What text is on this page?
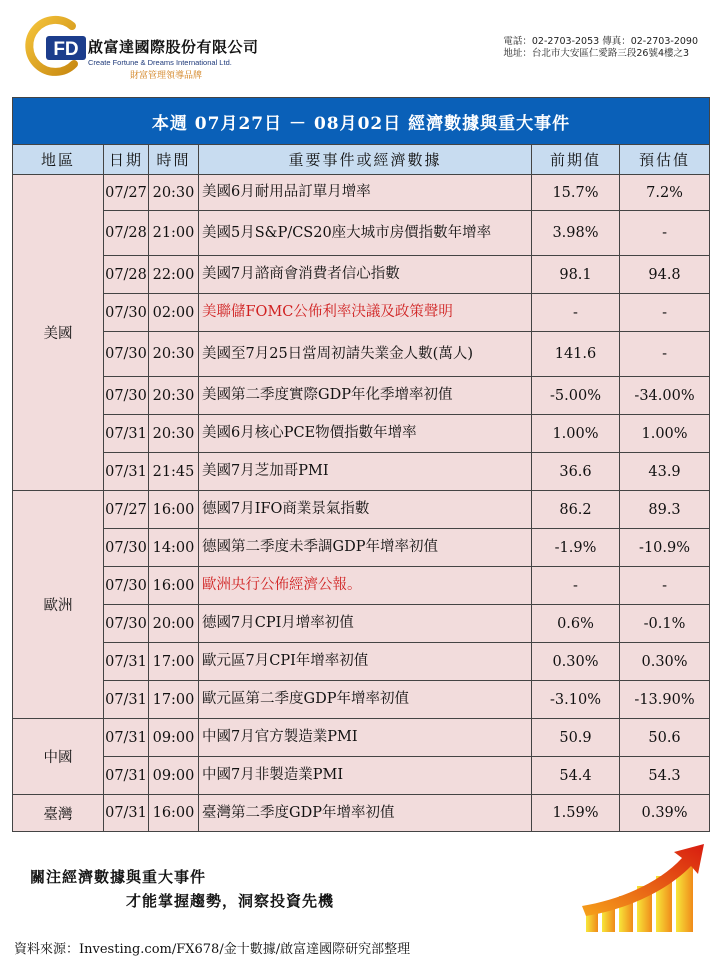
FD 啟富達國際股份有限公司
Create Fortune & Dreams International Ltd.
財富管理領導品牌
電話：02-2703-2053 傳真：02-2703-2090
地址：台北市大安區仁愛路三段26號4樓之3
本週 07月27日 － 08月02日 經濟數據與重大事件					
地區	日期	時間	重要事件或經濟數據	前期值	預估值
美國	07/27	20:30	美國6月耐用品訂單月增率	15.7%	7.2%
	07/28	21:00	美國5月S&P/CS20座大城市房價指數年增率	3.98%	-
	07/28	22:00	美國7月諮商會消費者信心指數	98.1	94.8
	07/30	02:00	美聯儲FOMC公佈利率決議及政策聲明	-	-
	07/30	20:30	美國至7月25日當周初請失業金人數(萬人)	141.6	-
	07/30	20:30	美國第二季度實際GDP年化季增率初值	-5.00%	-34.00%
	07/31	20:30	美國6月核心PCE物價指數年增率	1.00%	1.00%
	07/31	21:45	美國7月芝加哥PMI	36.6	43.9
歐洲	07/27	16:00	德國7月IFO商業景氣指數	86.2	89.3
	07/30	14:00	德國第二季度未季調GDP年增率初值	-1.9%	-10.9%
	07/30	16:00	歐洲央行公佈經濟公報。	-	-
	07/30	20:00	德國7月CPI月增率初值	0.6%	-0.1%
	07/31	17:00	歐元區7月CPI年增率初值	0.30%	0.30%
	07/31	17:00	歐元區第二季度GDP年增率初值	-3.10%	-13.90%
中國	07/31	09:00	中國7月官方製造業PMI	50.9	50.6
	07/31	09:00	中國7月非製造業PMI	54.4	54.3
臺灣	07/31	16:00	臺灣第二季度GDP年增率初值	1.59%	0.39%
關注經濟數據與重大事件
才能掌握趨勢，洞察投資先機
資料來源：Investing.com/FX678/金十數據/啟富達國際研究部整理
